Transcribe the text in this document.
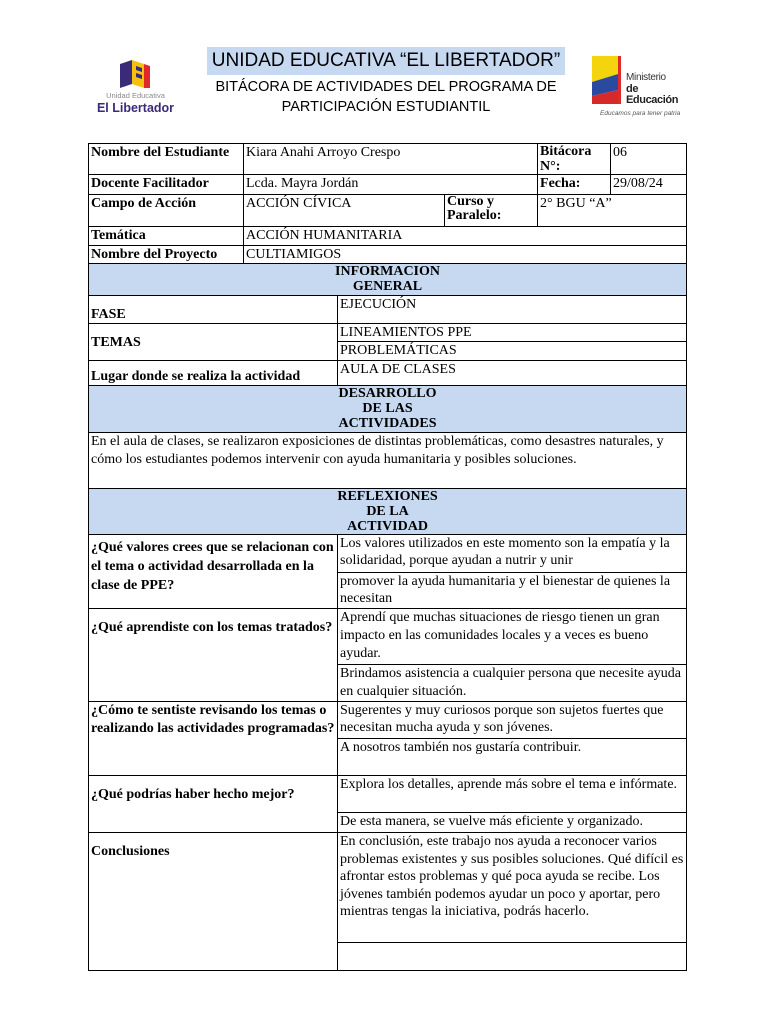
Unidad Educativa
El Libertador
UNIDAD EDUCATIVA “EL LIBERTADOR”
BITÁCORA DE ACTIVIDADES DEL PROGRAMA DE PARTICIPACIÓN ESTUDIANTIL
Ministerio
de Educación
Educamos para tener patria
Nombre del Estudiante	Kiara Anahi Arroyo Crespo			Bitácora N°:	06
Docente Facilitador	Lcda. Mayra Jordán			Fecha:	29/08/24
Campo de Acción	ACCIÓN CÍVICA		Curso y Paralelo:	2° BGU “A”	
Temática	ACCIÓN HUMANITARIA				
Nombre del Proyecto	CULTIAMIGOS				
INFORMACION GENERAL					
FASE		EJECUCIÓN			
TEMAS		LINEAMIENTOS PPE			
		PROBLEMÁTICAS			
Lugar donde se realiza la actividad		AULA DE CLASES			
DESARROLLO DE LAS ACTIVIDADES					
En el aula de clases, se realizaron exposiciones de distintas problemáticas, como desastres naturales, y cómo los estudiantes podemos intervenir con ayuda humanitaria y posibles soluciones.					
REFLEXIONES DE LA ACTIVIDAD					
¿Qué valores crees que se relacionan con el tema o actividad desarrollada en la clase de PPE?		Los valores utilizados en este momento son la empatía y la solidaridad, porque ayudan a nutrir y unir			
		promover la ayuda humanitaria y el bienestar de quienes la necesitan			
¿Qué aprendiste con los temas tratados?		Aprendí que muchas situaciones de riesgo tienen un gran impacto en las comunidades locales y a veces es bueno ayudar.			
		Brindamos asistencia a cualquier persona que necesite ayuda en cualquier situación.			
¿Cómo te sentiste revisando los temas o realizando las actividades programadas?		Sugerentes y muy curiosos porque son sujetos fuertes que necesitan mucha ayuda y son jóvenes.			
		A nosotros también nos gustaría contribuir.			
¿Qué podrías haber hecho mejor?		Explora los detalles, aprende más sobre el tema e infórmate.			
		De esta manera, se vuelve más eficiente y organizado.			
Conclusiones		En conclusión, este trabajo nos ayuda a reconocer varios problemas existentes y sus posibles soluciones. Qué difícil es afrontar estos problemas y qué poca ayuda se recibe. Los jóvenes también podemos ayudar un poco y aportar, pero mientras tengas la iniciativa, podrás hacerlo.			
